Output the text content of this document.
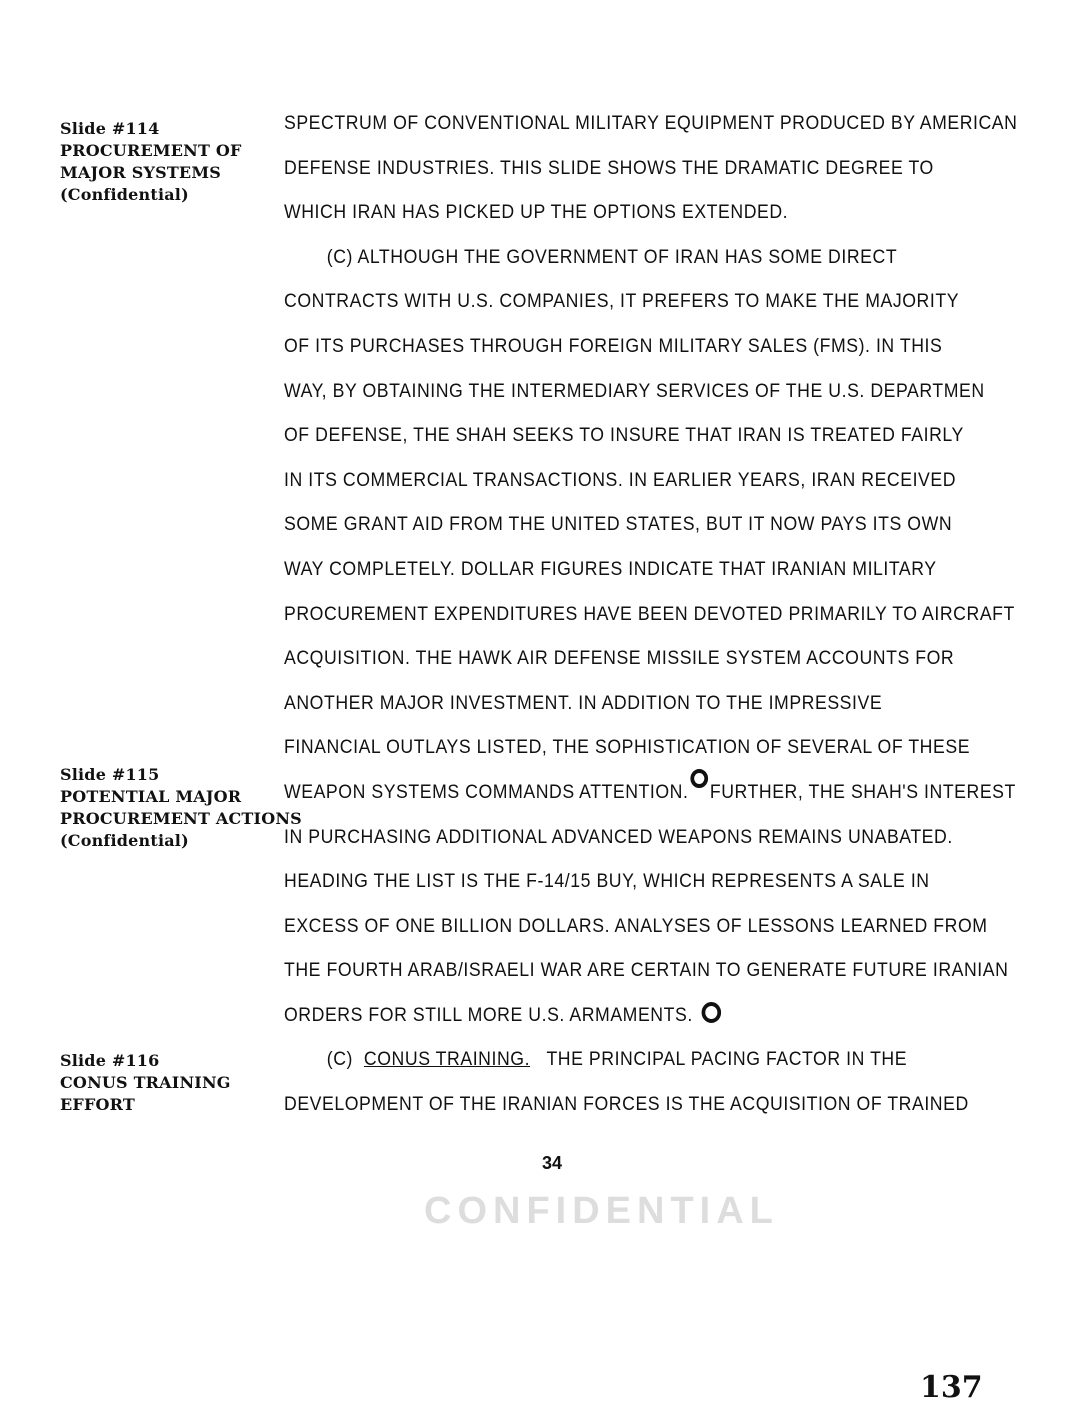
Slide #114
PROCUREMENT OF
MAJOR SYSTEMS
(Confidential)
Slide #115
POTENTIAL MAJOR
PROCUREMENT ACTIONS
(Confidential)
Slide #116
CONUS TRAINING
EFFORT
SPECTRUM OF CONVENTIONAL MILITARY EQUIPMENT PRODUCED BY AMERICAN
DEFENSE INDUSTRIES. THIS SLIDE SHOWS THE DRAMATIC DEGREE TO
WHICH IRAN HAS PICKED UP THE OPTIONS EXTENDED.
(C) ALTHOUGH THE GOVERNMENT OF IRAN HAS SOME DIRECT
CONTRACTS WITH U.S. COMPANIES, IT PREFERS TO MAKE THE MAJORITY
OF ITS PURCHASES THROUGH FOREIGN MILITARY SALES (FMS). IN THIS
WAY, BY OBTAINING THE INTERMEDIARY SERVICES OF THE U.S. DEPARTMEN
OF DEFENSE, THE SHAH SEEKS TO INSURE THAT IRAN IS TREATED FAIRLY
IN ITS COMMERCIAL TRANSACTIONS. IN EARLIER YEARS, IRAN RECEIVED
SOME GRANT AID FROM THE UNITED STATES, BUT IT NOW PAYS ITS OWN
WAY COMPLETELY. DOLLAR FIGURES INDICATE THAT IRANIAN MILITARY
PROCUREMENT EXPENDITURES HAVE BEEN DEVOTED PRIMARILY TO AIRCRAFT
ACQUISITION. THE HAWK AIR DEFENSE MISSILE SYSTEM ACCOUNTS FOR
ANOTHER MAJOR INVESTMENT. IN ADDITION TO THE IMPRESSIVE
FINANCIAL OUTLAYS LISTED, THE SOPHISTICATION OF SEVERAL OF THESE
WEAPON SYSTEMS COMMANDS ATTENTION. FURTHER, THE SHAH'S INTEREST
IN PURCHASING ADDITIONAL ADVANCED WEAPONS REMAINS UNABATED.
HEADING THE LIST IS THE F-14/15 BUY, WHICH REPRESENTS A SALE IN
EXCESS OF ONE BILLION DOLLARS. ANALYSES OF LESSONS LEARNED FROM
THE FOURTH ARAB/ISRAELI WAR ARE CERTAIN TO GENERATE FUTURE IRANIAN
ORDERS FOR STILL MORE U.S. ARMAMENTS.
(C) CONUS TRAINING. THE PRINCIPAL PACING FACTOR IN THE
DEVELOPMENT OF THE IRANIAN FORCES IS THE ACQUISITION OF TRAINED
34
CONFIDENTIAL
137
